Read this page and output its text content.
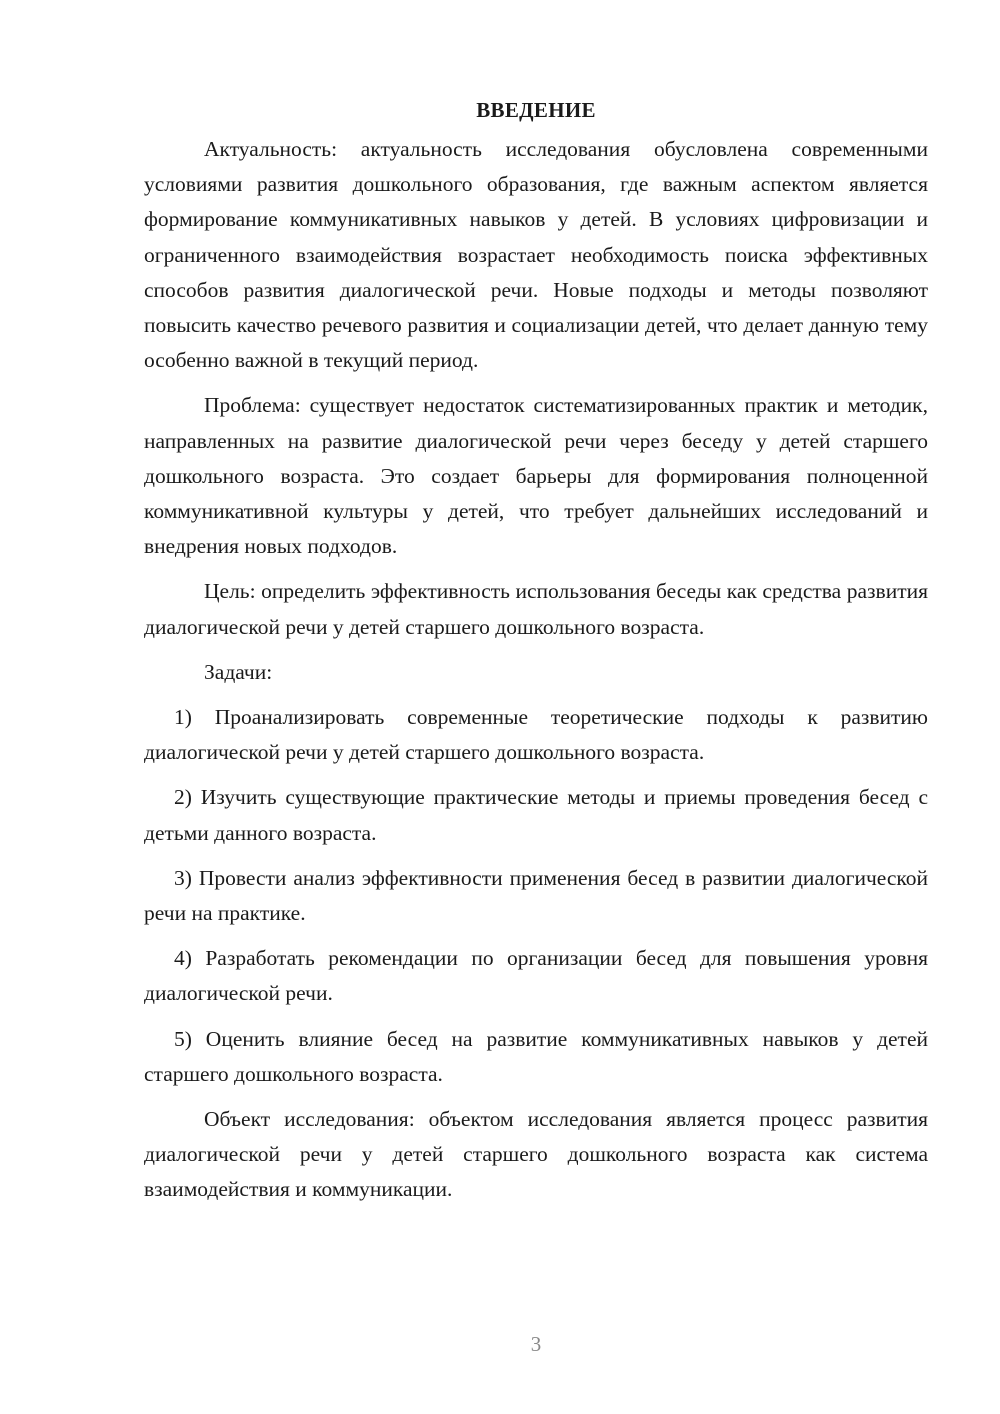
ВВЕДЕНИЕ

Актуальность: актуальность исследования обусловлена современными условиями развития дошкольного образования, где важным аспектом является формирование коммуникативных навыков у детей. В условиях цифровизации и ограниченного взаимодействия возрастает необходимость поиска эффективных способов развития диалогической речи. Новые подходы и методы позволяют повысить качество речевого развития и социализации детей, что делает данную тему особенно важной в текущий период.

Проблема: существует недостаток систематизированных практик и методик, направленных на развитие диалогической речи через беседу у детей старшего дошкольного возраста. Это создает барьеры для формирования полноценной коммуникативной культуры у детей, что требует дальнейших исследований и внедрения новых подходов.

Цель: определить эффективность использования беседы как средства развития диалогической речи у детей старшего дошкольного возраста.

Задачи:

1) Проанализировать современные теоретические подходы к развитию диалогической речи у детей старшего дошкольного возраста.

2) Изучить существующие практические методы и приемы проведения бесед с детьми данного возраста.

3) Провести анализ эффективности применения бесед в развитии диалогической речи на практике.

4) Разработать рекомендации по организации бесед для повышения уровня диалогической речи.

5) Оценить влияние бесед на развитие коммуникативных навыков у детей старшего дошкольного возраста.

Объект исследования: объектом исследования является процесс развития диалогической речи у детей старшего дошкольного возраста как система взаимодействия и коммуникации.

3
